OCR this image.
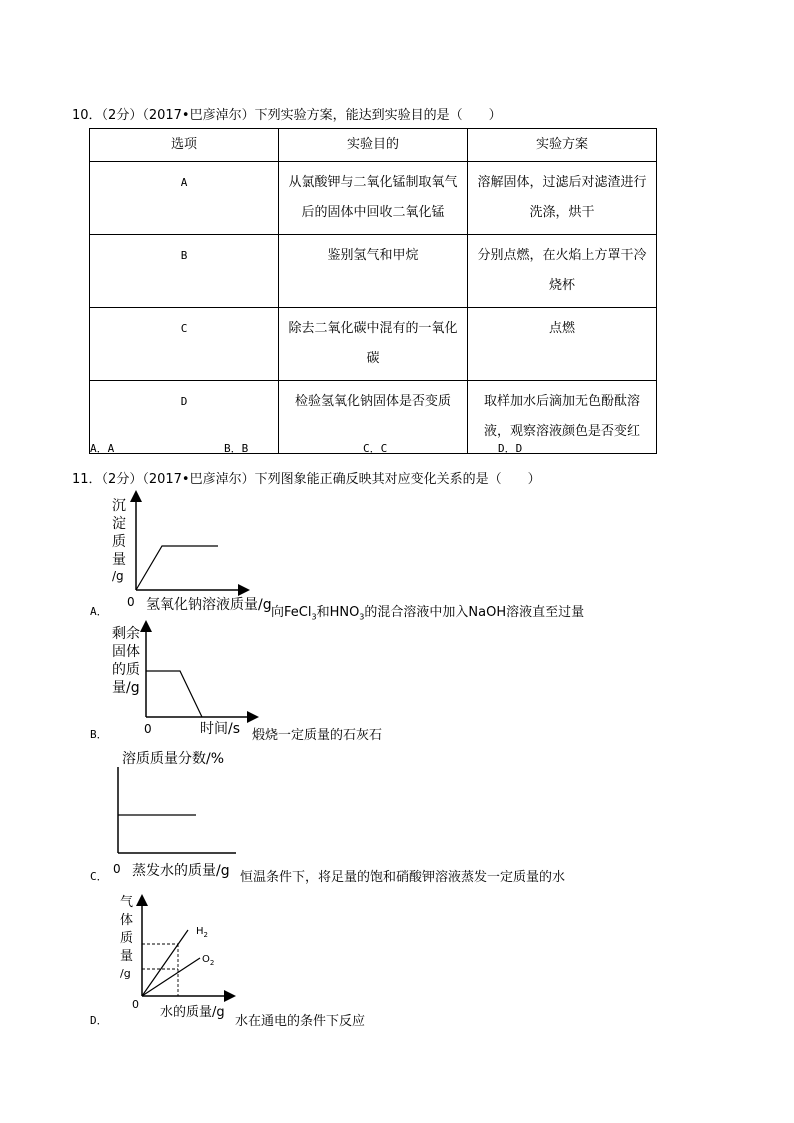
10．（2分）（2017•巴彦淖尔）下列实验方案，能达到实验目的是（　　）
选项	实验目的	实验方案
A	从氯酸钾与二氧化锰制取氧气后的固体中回收二氧化锰	溶解固体，过滤后对滤渣进行洗涤，烘干
B	鉴别氢气和甲烷	分别点燃，在火焰上方罩干冷烧杯
C	除去二氧化碳中混有的一氧化碳	点燃
D	检验氢氧化钠固体是否变质	取样加水后滴加无色酚酞溶液，观察溶液颜色是否变红
A．A	B．B	C．C	D．D
11．（2分）（2017•巴彦淖尔）下列图象能正确反映其对应变化关系的是（　　）
A．
沉
淀
质
量
/g
0 氢氧化钠溶液质量/g 向FeCl$_3$和$HNO_3$的混合溶液中加入NaOH溶液直至过量
B．
剩余
固体
的质
量/g
0	时间/s 煅烧一定质量的石灰石
C．
溶质质量分数/%
0 蒸发水的质量/g 恒温条件下，将足量的饱和硝酸钾溶液蒸发一定质量的水
D．
气
体
质
量
/g
0
$H_2$
$O_2$
水的质量/g
水在通电的条件下反应
